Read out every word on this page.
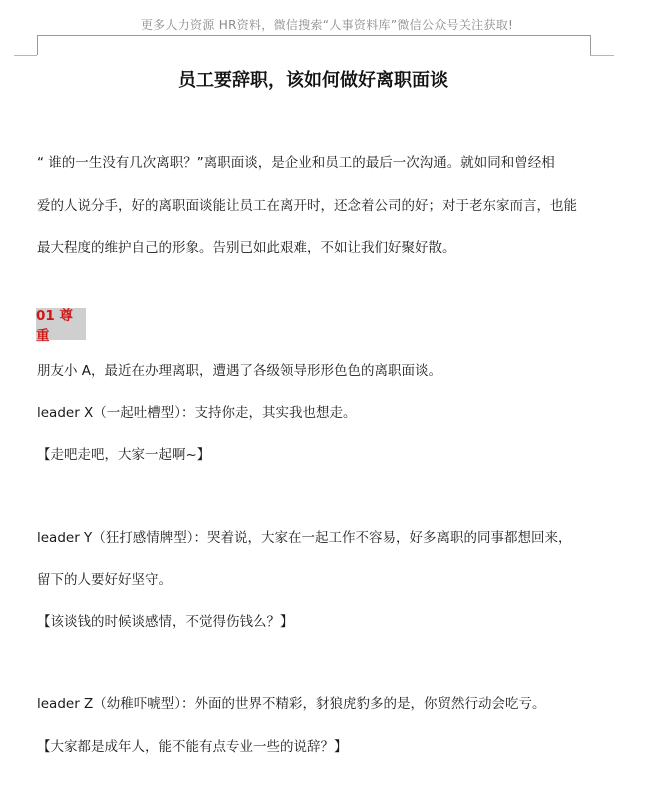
更多人力资源 HR资料，微信搜索“人事资料库”微信公众号关注获取!
员工要辞职，该如何做好离职面谈
“ 谁的一生没有几次离职？”离职面谈，是企业和员工的最后一次沟通。就如同和曾经相
爱的人说分手，好的离职面谈能让员工在离开时，还念着公司的好；对于老东家而言，也能
最大程度的维护自己的形象。告别已如此艰难，不如让我们好聚好散。
01 尊重
朋友小 A，最近在办理离职，遭遇了各级领导形形色色的离职面谈。
leader X（一起吐槽型）：支持你走，其实我也想走。
【走吧走吧，大家一起啊~】
leader Y（狂打感情牌型）：哭着说，大家在一起工作不容易，好多离职的同事都想回来，
留下的人要好好坚守。
【该谈钱的时候谈感情，不觉得伤钱么？】
leader Z（幼稚吓唬型）：外面的世界不精彩，豺狼虎豹多的是，你贸然行动会吃亏。
【大家都是成年人，能不能有点专业一些的说辞？】
